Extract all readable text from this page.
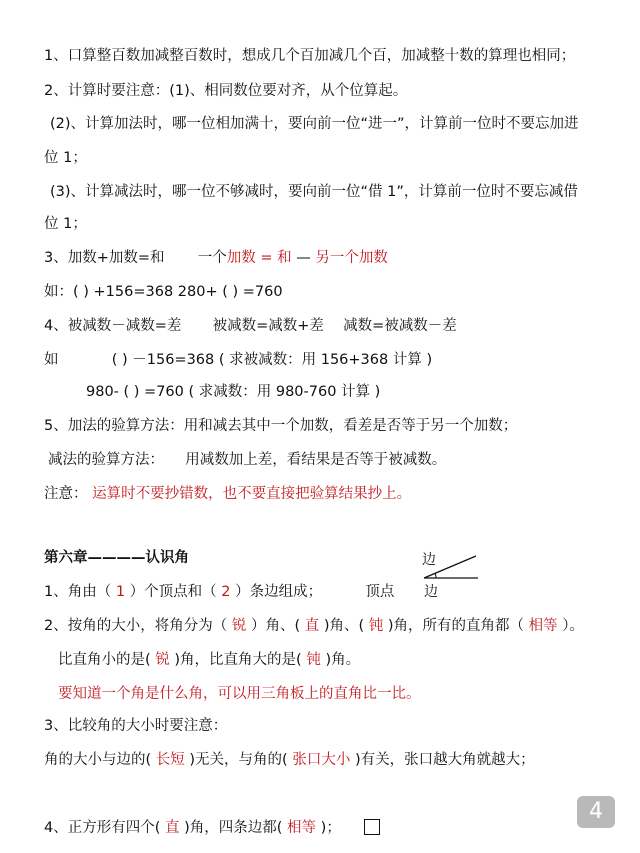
1、口算整百数加减整百数时，想成几个百加减几个百，加减整十数的算理也相同；
2、计算时要注意：(1)、相同数位要对齐，从个位算起。
(2)、计算加法时，哪一位相加满十，要向前一位“进一”，计算前一位时不要忘加进
位 1；
(3)、计算减法时，哪一位不够减时，要向前一位“借 1”，计算前一位时不要忘减借
位 1；
3、加数+加数=和 一个加数 = 和 — 另一个加数
如：( ) +156=368 280+ ( ) =760
4、被减数－减数=差 被减数=减数+差 减数=被减数－差
如	( ) －156=368 ( 求被减数：用 156+368 计算 )
980- ( ) =760 ( 求减数：用 980-760 计算 )
5、加法的验算方法：用和减去其中一个加数，看差是否等于另一个加数；
减法的验算方法： 用减数加上差，看结果是否等于被减数。
注意： 运算时不要抄错数，也不要直接把验算结果抄上。
第六章————认识角	边
边
1、角由（ 1 ）个顶点和（ 2 ）条边组成；	顶点
2、按角的大小，将角分为（ 锐 ）角、( 直 )角、( 钝 )角，所有的直角都（ 相等 ）。
比直角小的是( 锐 )角，比直角大的是( 钝 )角。
要知道一个角是什么角，可以用三角板上的直角比一比。
3、比较角的大小时要注意：
角的大小与边的( 长短 )无关，与角的( 张口大小 )有关，张口越大角就越大；
4、正方形有四个( 直 )角，四条边都( 相等 )；
4
